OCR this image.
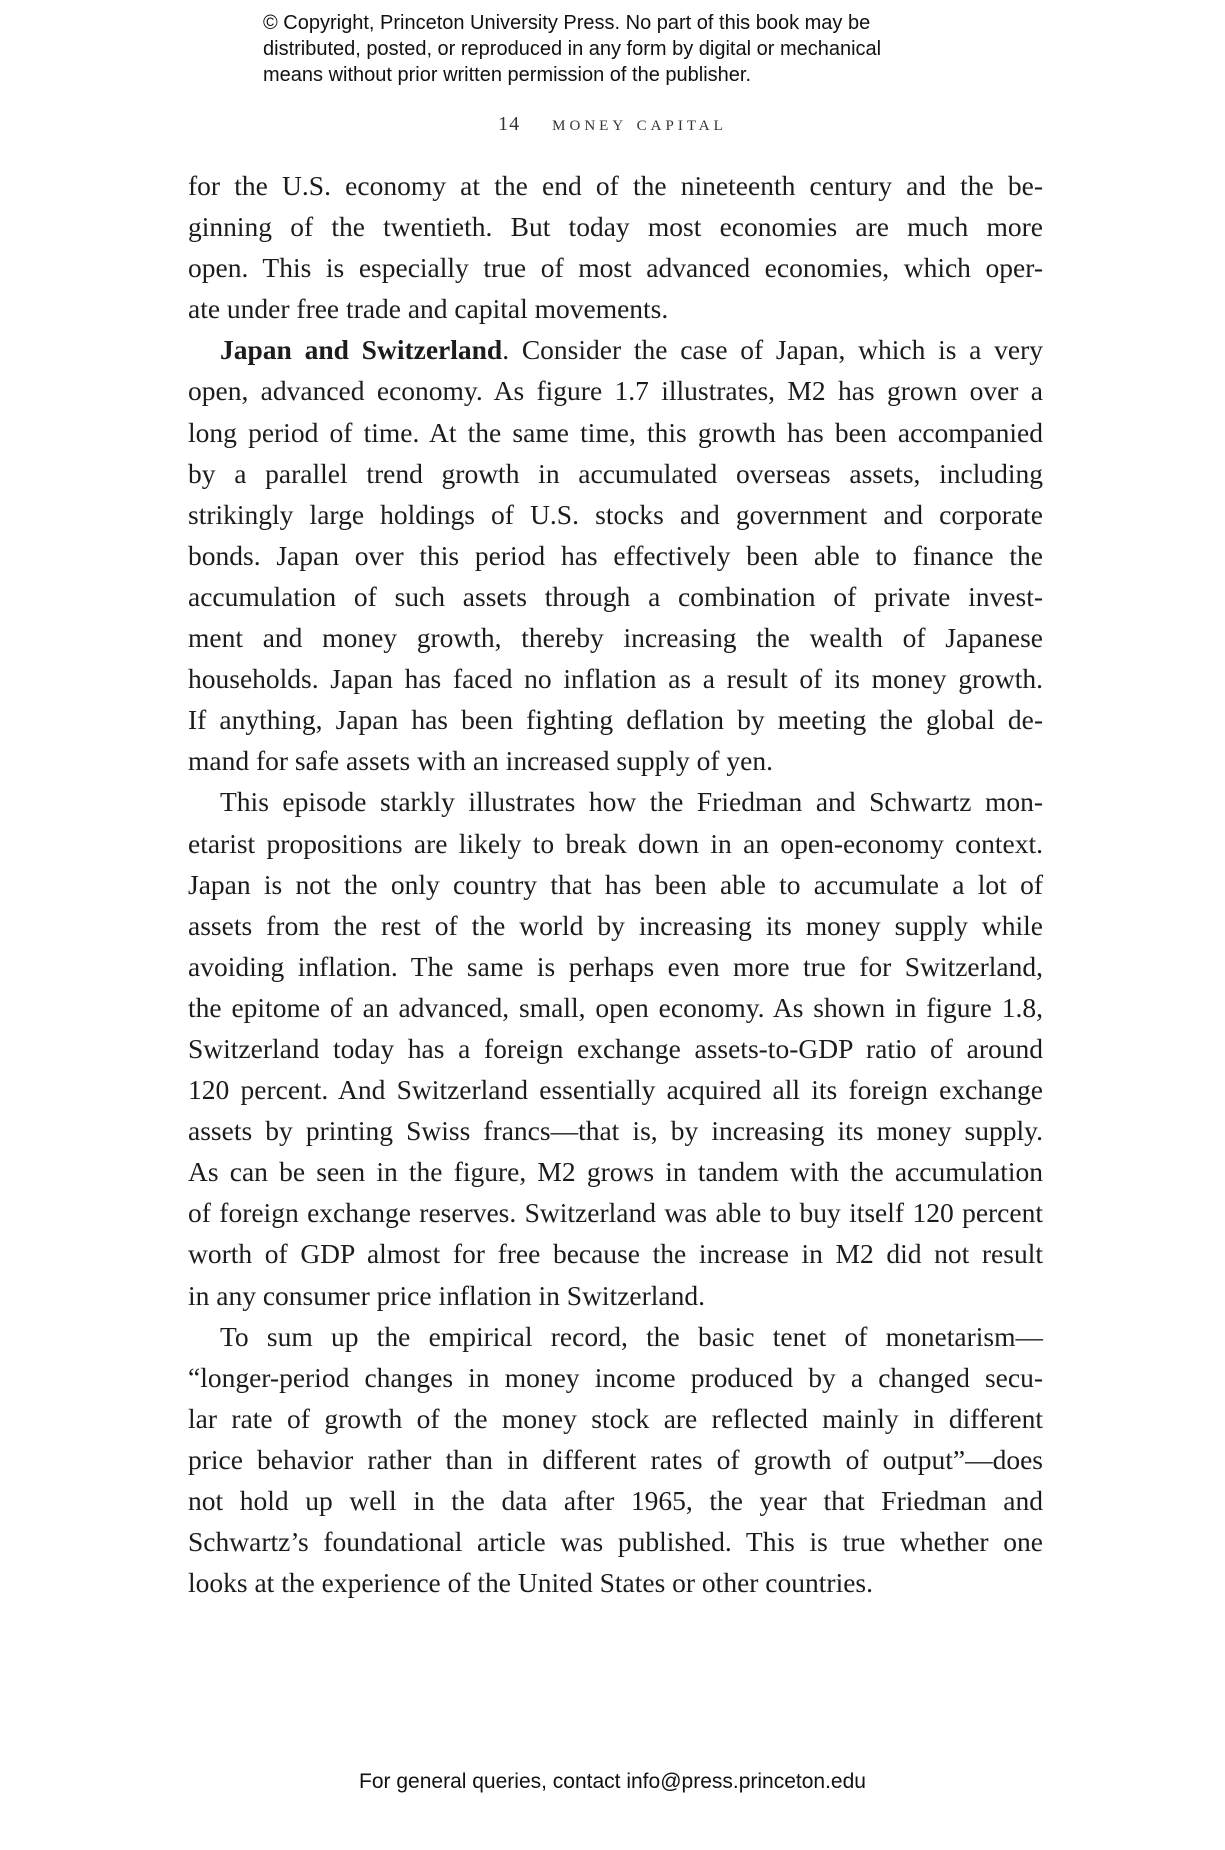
© Copyright, Princeton University Press. No part of this book may be
distributed, posted, or reproduced in any form by digital or mechanical
means without prior written permission of the publisher.
14 money capital
for the U.S. economy at the end of the nineteenth century and the be-
ginning of the twentieth. But today most economies are much more
open. This is especially true of most advanced economies, which oper-
ate under free trade and capital movements.
Japan and Switzerland. Consider the case of Japan, which is a very
open, advanced economy. As figure 1.7 illustrates, M2 has grown over a
long period of time. At the same time, this growth has been accompanied
by a parallel trend growth in accumulated overseas assets, including
strikingly large holdings of U.S. stocks and government and corporate
bonds. Japan over this period has effectively been able to finance the
accumulation of such assets through a combination of private invest-
ment and money growth, thereby increasing the wealth of Japanese
households. Japan has faced no inflation as a result of its money growth.
If anything, Japan has been fighting deflation by meeting the global de-
mand for safe assets with an increased supply of yen.
This episode starkly illustrates how the Friedman and Schwartz mon-
etarist propositions are likely to break down in an open-economy context.
Japan is not the only country that has been able to accumulate a lot of
assets from the rest of the world by increasing its money supply while
avoiding inflation. The same is perhaps even more true for Switzerland,
the epitome of an advanced, small, open economy. As shown in figure 1.8,
Switzerland today has a foreign exchange assets-to-GDP ratio of around
120 percent. And Switzerland essentially acquired all its foreign exchange
assets by printing Swiss francs—that is, by increasing its money supply.
As can be seen in the figure, M2 grows in tandem with the accumulation
of foreign exchange reserves. Switzerland was able to buy itself 120 percent
worth of GDP almost for free because the increase in M2 did not result
in any consumer price inflation in Switzerland.
To sum up the empirical record, the basic tenet of monetarism—
“longer-period changes in money income produced by a changed secu-
lar rate of growth of the money stock are reflected mainly in different
price behavior rather than in different rates of growth of output”—does
not hold up well in the data after 1965, the year that Friedman and
Schwartz’s foundational article was published. This is true whether one
looks at the experience of the United States or other countries.
For general queries, contact info@press.princeton.edu
